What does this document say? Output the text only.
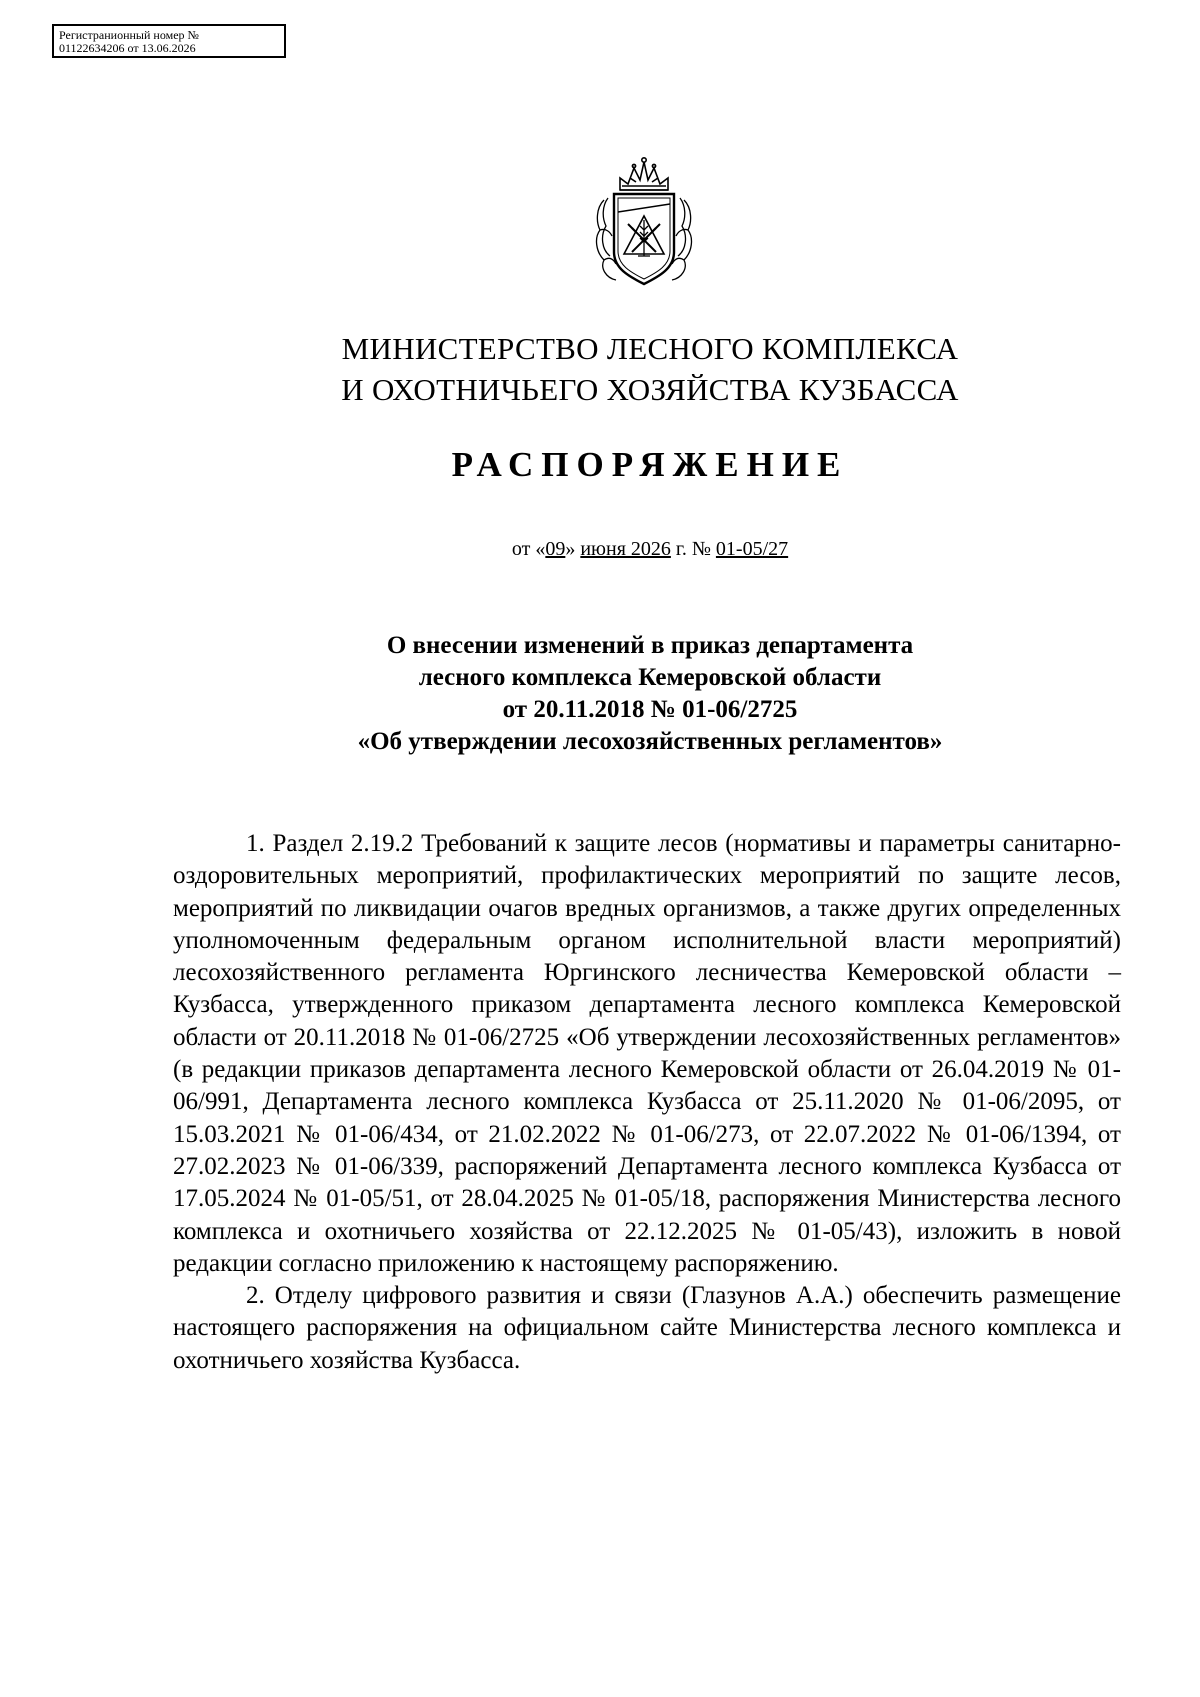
Регистранионный номер №
01122634206 от 13.06.2026
МИНИСТЕРСТВО ЛЕСНОГО КОМПЛЕКСА
И ОХОТНИЧЬЕГО ХОЗЯЙСТВА КУЗБАССА
РАСПОРЯЖЕНИЕ
от «09» июня 2026 г. № 01-05/27
О внесении изменений в приказ департамента
лесного комплекса Кемеровской области
от 20.11.2018 № 01-06/2725
«Об утверждении лесохозяйственных регламентов»

1. Раздел 2.19.2 Требований к защите лесов (нормативы и параметры санитарно-оздоровительных мероприятий, профилактических мероприятий по защите лесов, мероприятий по ликвидации очагов вредных организмов, а также других определенных уполномоченным федеральным органом исполнительной власти мероприятий) лесохозяйственного регламента Юргинского лесничества Кемеровской области – Кузбасса, утвержденного приказом департамента лесного комплекса Кемеровской области от 20.11.2018 № 01-06/2725 «Об утверждении лесохозяйственных регламентов» (в редакции приказов департамента лесного Кемеровской области от 26.04.2019 № 01-06/991, Департамента лесного комплекса Кузбасса от 25.11.2020 № 01-06/2095, от 15.03.2021 № 01-06/434, от 21.02.2022 № 01-06/273, от 22.07.2022 № 01-06/1394, от 27.02.2023 № 01-06/339, распоряжений Департамента лесного комплекса Кузбасса от 17.05.2024 № 01-05/51, от 28.04.2025 № 01-05/18, распоряжения Министерства лесного комплекса и охотничьего хозяйства от 22.12.2025 № 01-05/43), изложить в новой редакции согласно приложению к настоящему распоряжению.

2. Отделу цифрового развития и связи (Глазунов А.А.) обеспечить размещение настоящего распоряжения на официальном сайте Министерства лесного комплекса и охотничьего хозяйства Кузбасса.
